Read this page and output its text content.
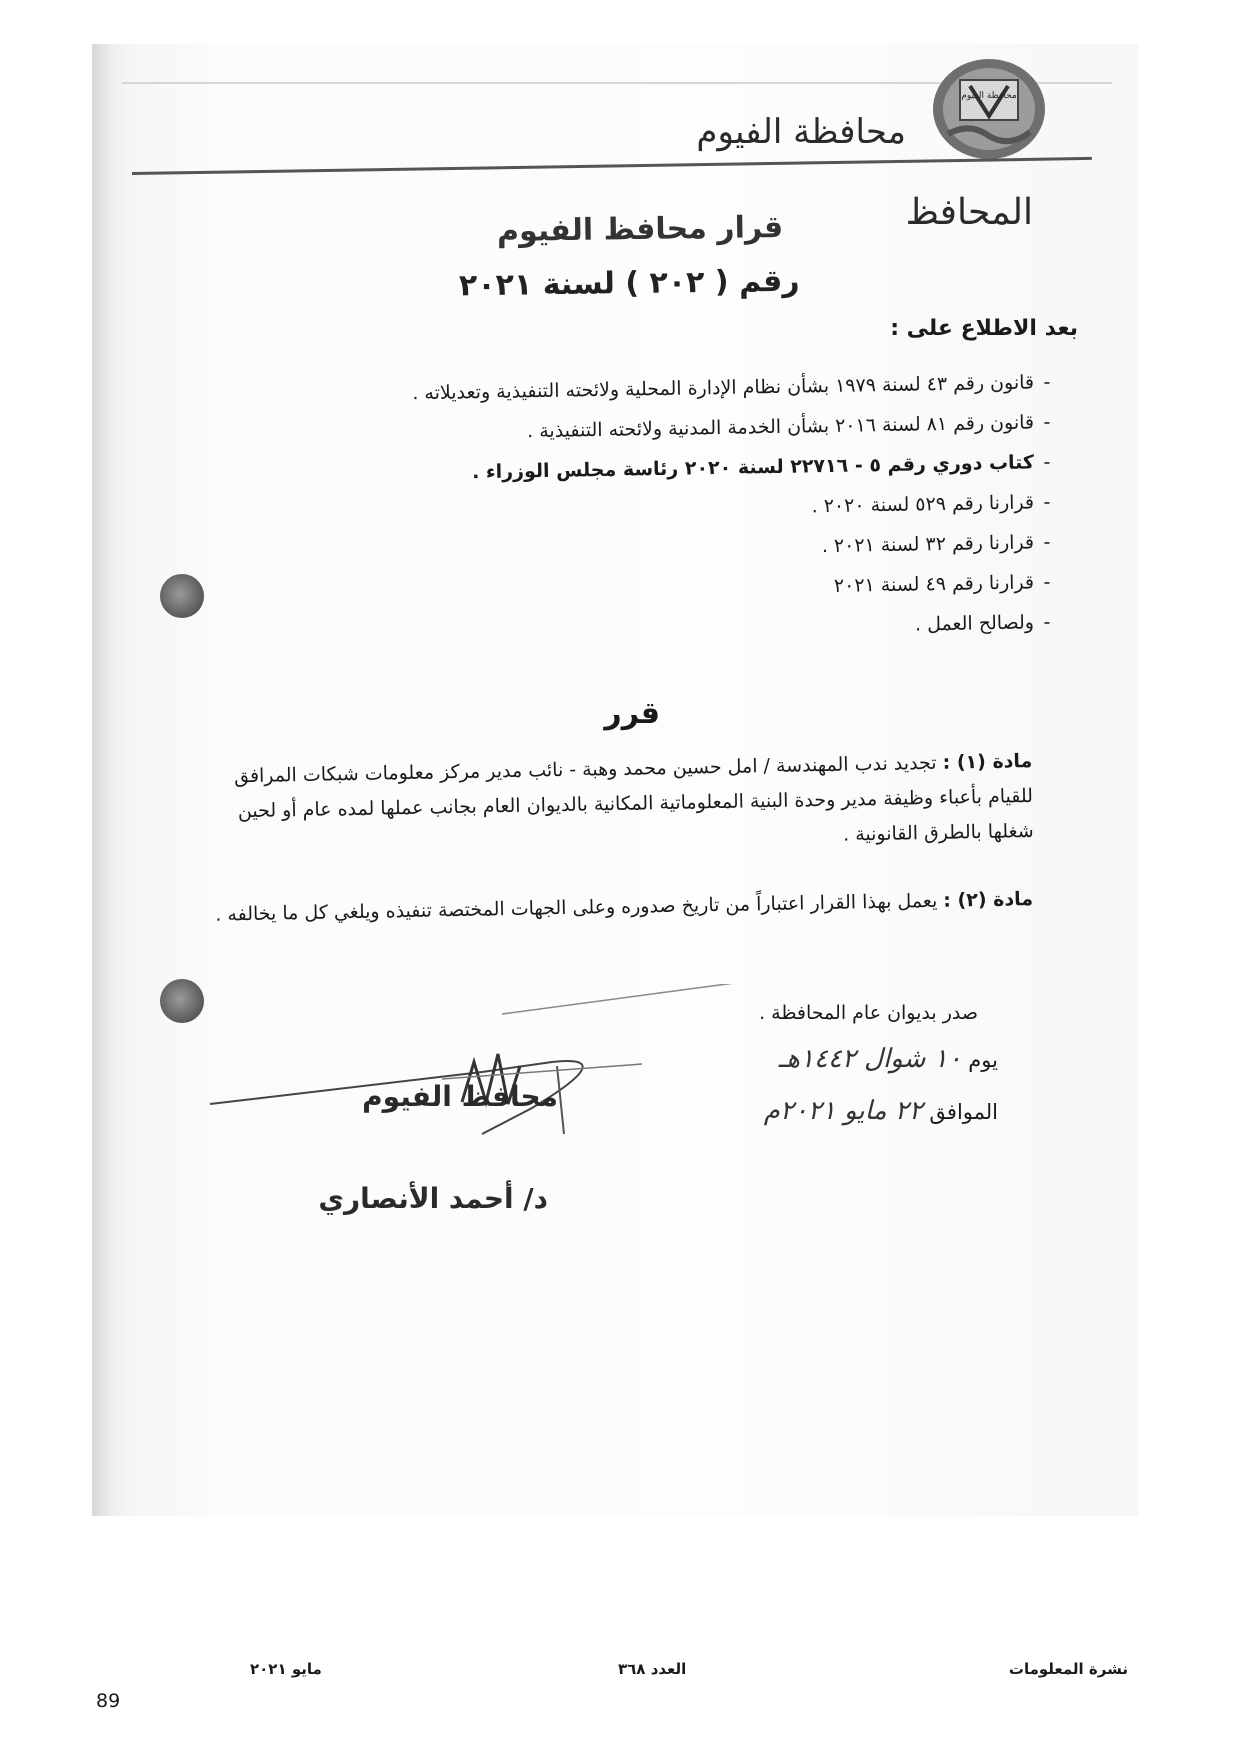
محافظة الفيوم
محافظة الفيوم
المحافظ
قرار محافظ الفيوم
رقم ( ٢٠٢ ) لسنة ٢٠٢١
بعد الاطلاع على :
-قانون رقم ٤٣ لسنة ١٩٧٩ بشأن نظام الإدارة المحلية ولائحته التنفيذية وتعديلاته .
-قانون رقم ٨١ لسنة ٢٠١٦ بشأن الخدمة المدنية ولائحته التنفيذية .
-كتاب دوري رقم ٥ - ٢٢٧١٦ لسنة ٢٠٢٠ رئاسة مجلس الوزراء .
-قرارنا رقم ٥٢٩ لسنة ٢٠٢٠ .
-قرارنا رقم ٣٢ لسنة ٢٠٢١ .
-قرارنا رقم ٤٩ لسنة ٢٠٢١
-ولصالح العمل .
قرر
مادة (١) : تجديد ندب المهندسة / امل حسين محمد وهبة - نائب مدير مركز معلومات شبكات المرافق للقيام بأعباء وظيفة مدير وحدة البنية المعلوماتية المكانية بالديوان العام بجانب عملها لمده عام أو لحين شغلها بالطرق القانونية .
مادة (٢) : يعمل بهذا القرار اعتباراً من تاريخ صدوره وعلى الجهات المختصة تنفيذه ويلغي كل ما يخالفه .
صدر بديوان عام المحافظة .
يوم ١٠ شوال ١٤٤٢هـ
الموافق ٢٢ مايو ٢٠٢١م
محافظ الفيوم
د/ أحمد الأنصاري
نشرة المعلومات
العدد ٣٦٨
مايو ٢٠٢١
89
